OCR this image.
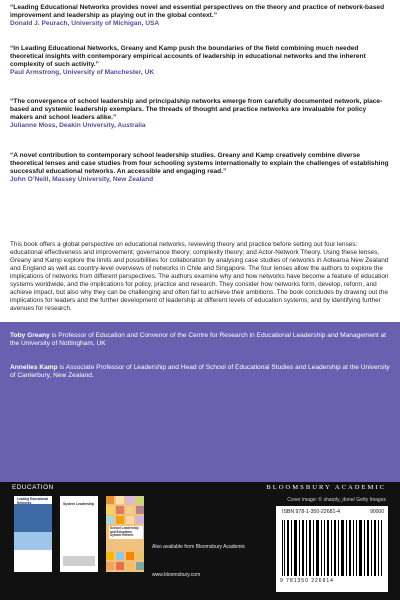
“Leading Educational Networks provides novel and essential perspectives on the theory and practice of network-based improvement and leadership as playing out in the global context.”
Donald J. Peurach, University of Michigan, USA
“In Leading Educational Networks, Greany and Kamp push the boundaries of the field combining much needed theoretical insights with contemporary empirical accounts of leadership in educational networks and the inherent complexity of such activity.”
Paul Armstrong, University of Manchester, UK
“The convergence of school leadership and principalship networks emerge from carefully documented network, place-based and systemic leadership exemplars. The threads of thought and practice networks are invaluable for policy makers and school leaders alike.”
Julianne Moss, Deakin University, Australia
“A novel contribution to contemporary school leadership studies. Greany and Kamp creatively combine diverse theoretical lenses and case studies from four schooling systems internationally to explain the challenges of establishing successful educational networks. An accessible and engaging read.”
John O’Neill, Massey University, New Zealand
This book offers a global perspective on educational networks, reviewing theory and practice before setting out four lenses: educational effectiveness and improvement; governance theory; complexity theory; and Actor-Network Theory. Using these lenses, Greany and Kamp explore the limits and possibilities for collaboration by analysing case studies of networks in Aotearoa New Zealand and England as well as country-level overviews of networks in Chile and Singapore. The four lenses allow the authors to explore the implications of networks from different perspectives. The authors examine why and how networks have become a feature of education systems worldwide, and the implications for policy, practice and research. They consider how networks form, develop, reform, and achieve impact, but also why they can be challenging and often fail to achieve their ambitions. The book concludes by drawing out the implications for leaders and the further development of leadership at different levels of education systems, and by identifying further avenues for research.
Toby Greany is Professor of Education and Convenor of the Centre for Research in Educational Leadership and Management at the University of Nottingham, UK
Annelies Kamp is Associate Professor of Leadership and Head of School of Educational Studies and Leadership at the University of Canterbury, New Zealand.
EDUCATION	BLOOMSBURY ACADEMIC
Cover image: © sharply_done/ Getty Images
Leading Educational Networks	System Leadership
School Leadership and Education System Reform
Also available from Bloomsbury Academic
www.bloomsbury.com
ISBN 978-1-350-22681-4	90000
9 781350 226814
